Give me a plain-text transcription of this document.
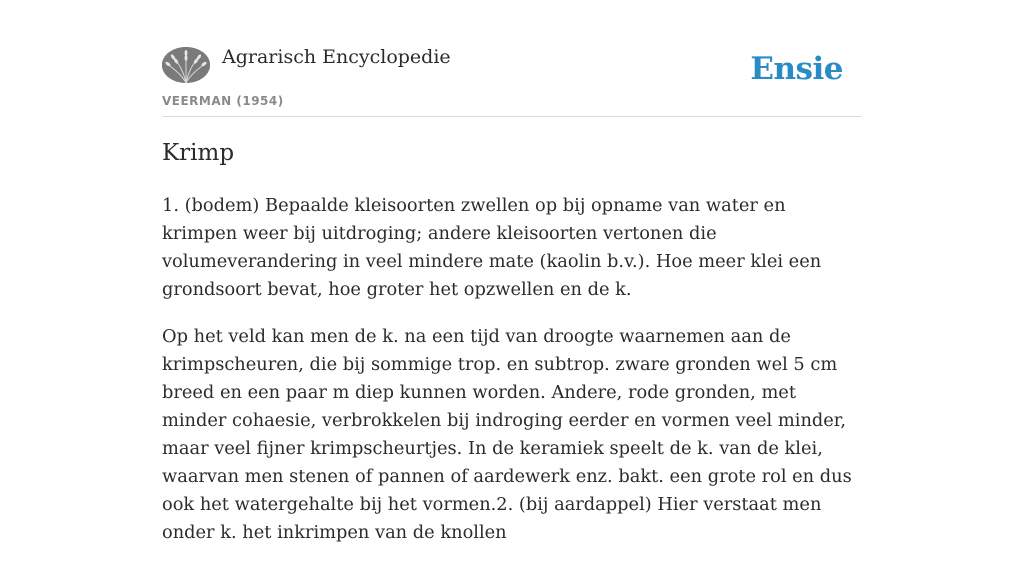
Agrarisch Encyclopedie
VEERMAN (1954)
Ensie
Krimp

1. (bodem) Bepaalde kleisoorten zwellen op bij opname van water en krimpen weer bij uitdroging; andere kleisoorten vertonen die volumeverandering in veel mindere mate (kaolin b.v.). Hoe meer klei een grondsoort bevat, hoe groter het opzwellen en de k.

Op het veld kan men de k. na een tijd van droogte waarnemen aan de krimpscheuren, die bij sommige trop. en subtrop. zware gronden wel 5 cm breed en een paar m diep kunnen worden. Andere, rode gronden, met minder cohaesie, verbrokkelen bij indroging eerder en vormen veel minder, maar veel fijner krimpscheurtjes. In de keramiek speelt de k. van de klei, waarvan men stenen of pannen of aardewerk enz. bakt. een grote rol en dus ook het watergehalte bij het vormen.2. (bij aardappel) Hier verstaat men onder k. het inkrimpen van de knollen
